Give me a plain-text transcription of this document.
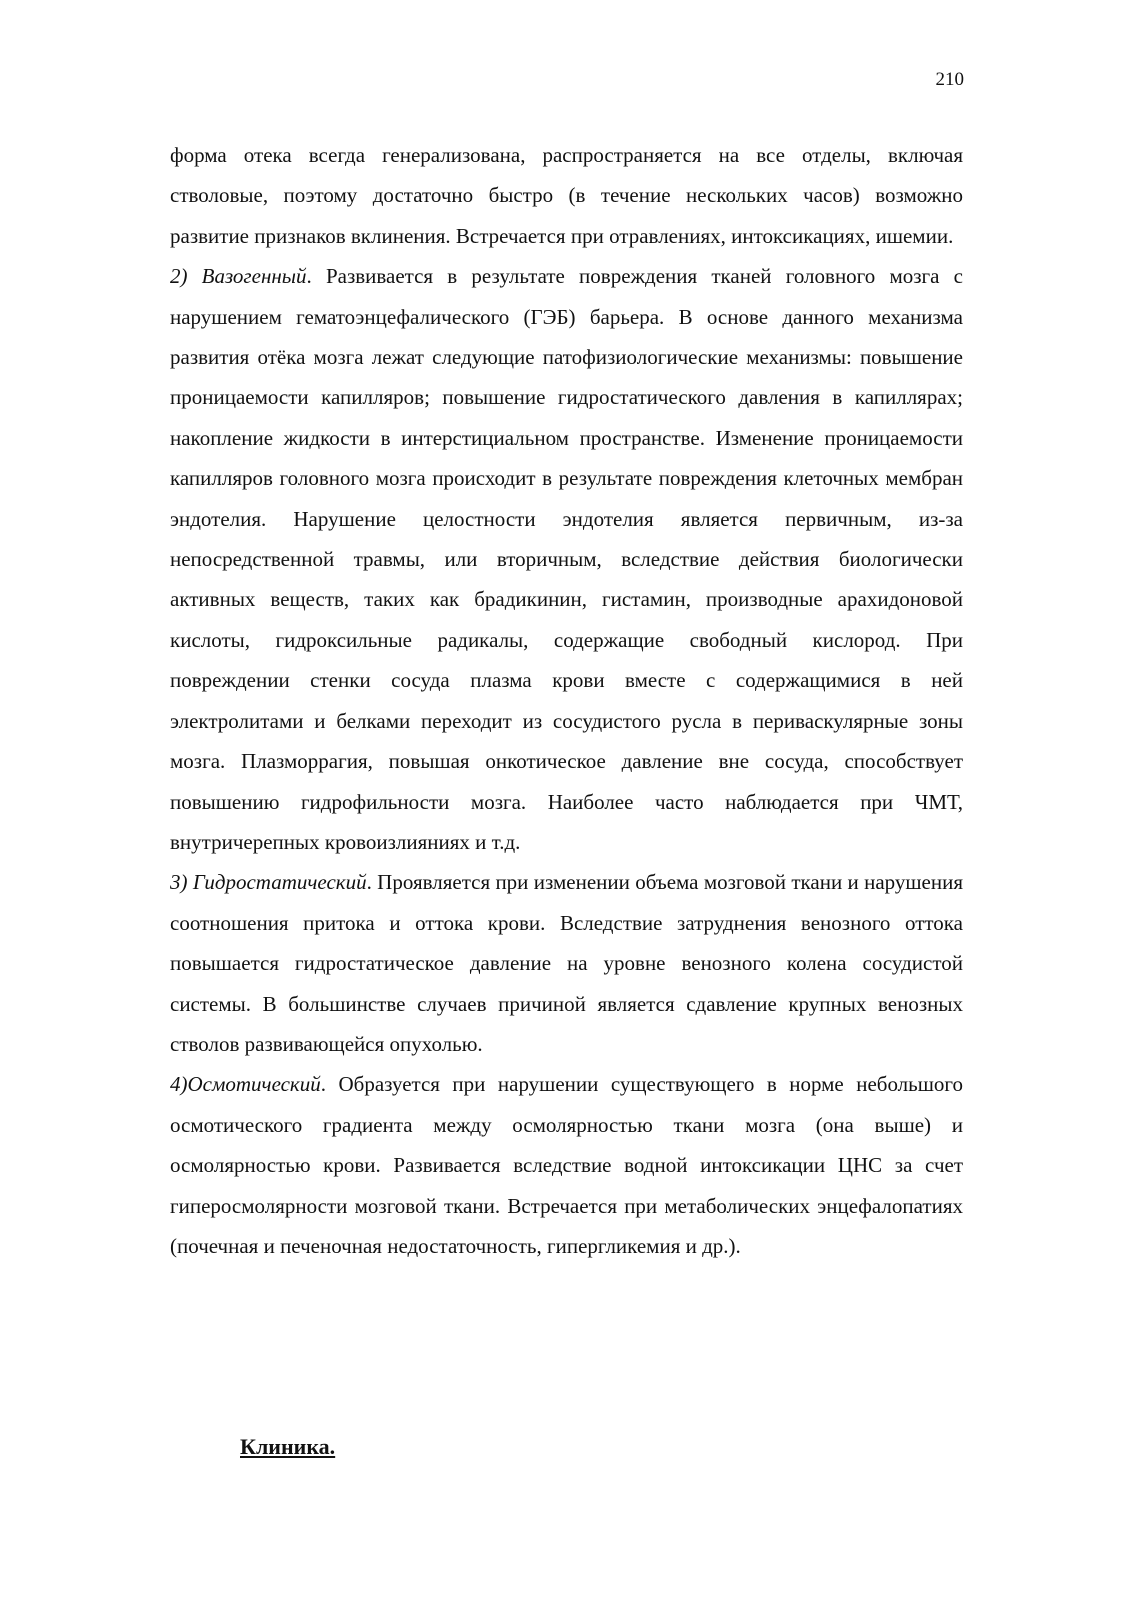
210

форма отека всегда генерализована, распространяется на все отделы, включая стволовые, поэтому достаточно быстро (в течение нескольких часов) возможно развитие признаков вклинения. Встречается при отравлениях, интоксикациях, ишемии.

2) Вазогенный. Развивается в результате повреждения тканей головного мозга с нарушением гематоэнцефалического (ГЭБ) барьера. В основе данного механизма развития отёка мозга лежат следующие патофизиологические механизмы: повышение проницаемости капилляров; повышение гидростатического давления в капиллярах; накопление жидкости в интерстициальном пространстве. Изменение проницаемости капилляров головного мозга происходит в результате повреждения клеточных мембран эндотелия. Нарушение целостности эндотелия является первичным, из-за непосредственной травмы, или вторичным, вследствие действия биологически активных веществ, таких как брадикинин, гистамин, производные арахидоновой кислоты, гидроксильные радикалы, содержащие свободный кислород. При повреждении стенки сосуда плазма крови вместе с содержащимися в ней электролитами и белками переходит из сосудистого русла в периваскулярные зоны мозга. Плазморрагия, повышая онкотическое давление вне сосуда, способствует повышению гидрофильности мозга. Наиболее часто наблюдается при ЧМТ, внутричерепных кровоизлияниях и т.д.

3) Гидростатический. Проявляется при изменении объема мозговой ткани и нарушения соотношения притока и оттока крови. Вследствие затруднения венозного оттока повышается гидростатическое давление на уровне венозного колена сосудистой системы. В большинстве случаев причиной является сдавление крупных венозных стволов развивающейся опухолью.

4)Осмотический. Образуется при нарушении существующего в норме небольшого осмотического градиента между осмолярностью ткани мозга (она выше) и осмолярностью крови. Развивается вследствие водной интоксикации ЦНС за счет гиперосмолярности мозговой ткани. Встречается при метаболических энцефалопатиях (почечная и печеночная недостаточность, гипергликемия и др.).

Клиника.
